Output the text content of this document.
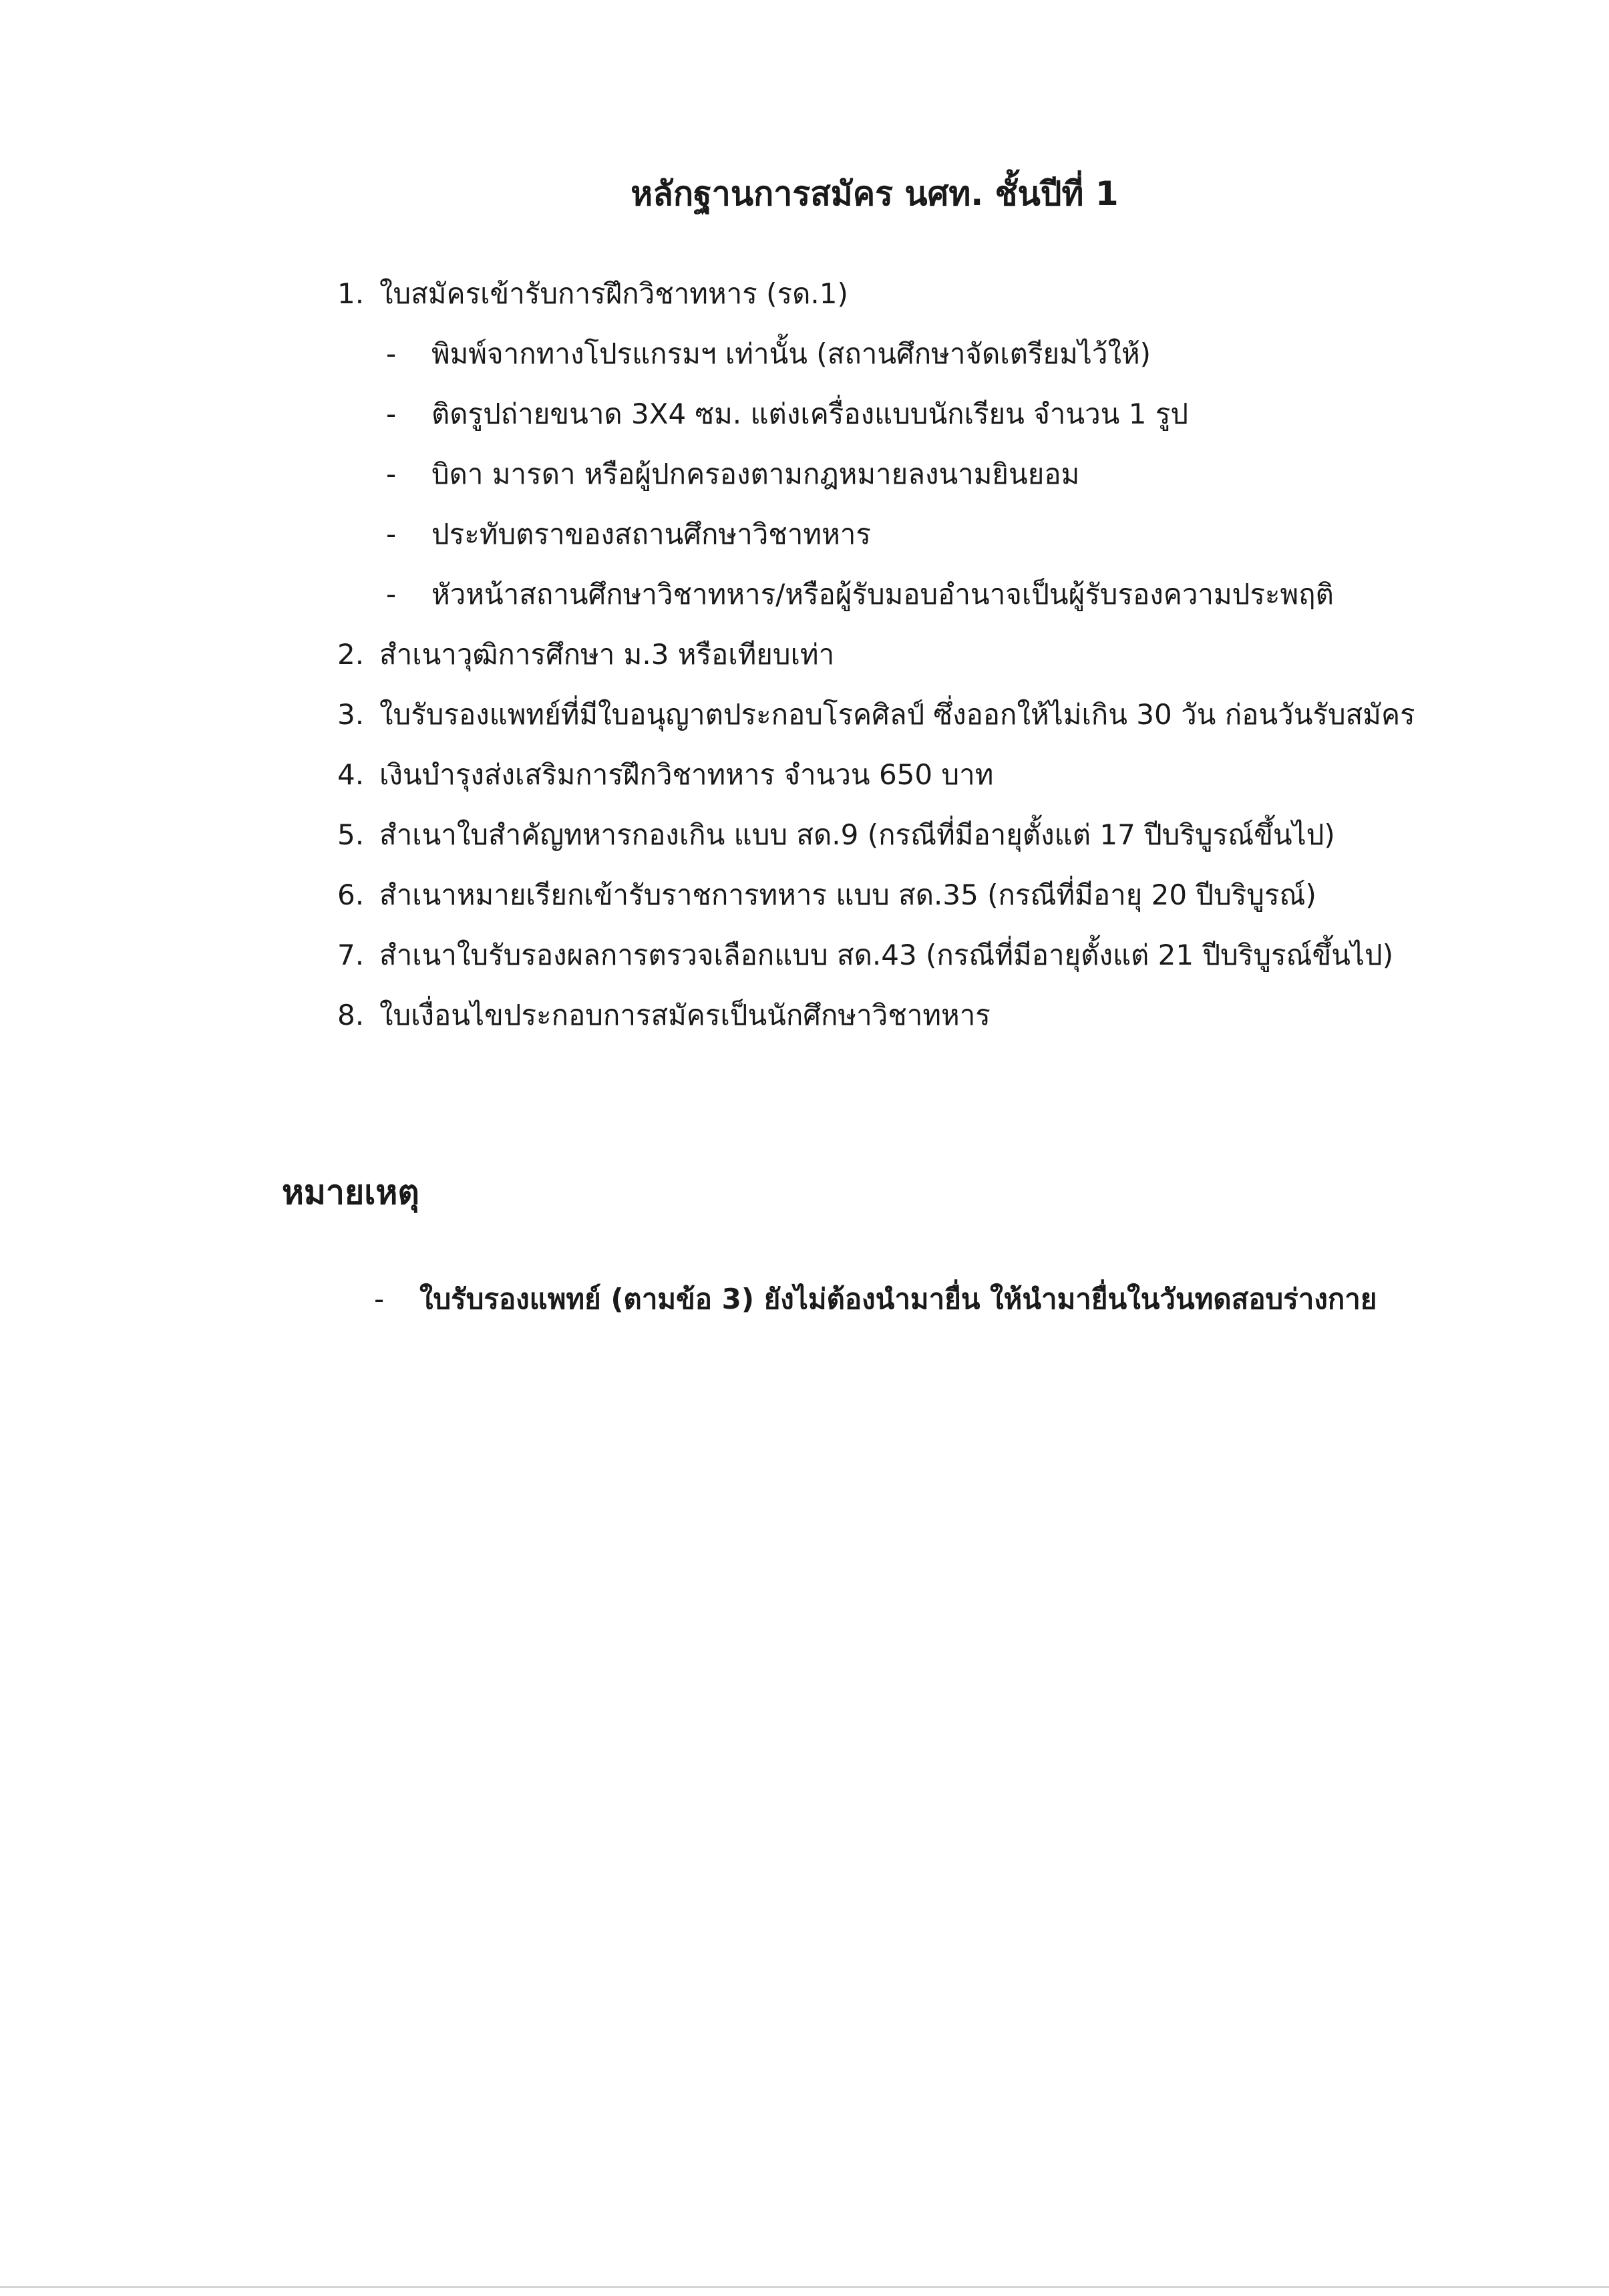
หลักฐานการสมัคร นศท. ชั้นปีที่ 1
1. ใบสมัครเข้ารับการฝึกวิชาทหาร (รด.1)
- พิมพ์จากทางโปรแกรมฯ เท่านั้น (สถานศึกษาจัดเตรียมไว้ให้)
- ติดรูปถ่ายขนาด 3X4 ซม. แต่งเครื่องแบบนักเรียน จำนวน 1 รูป
- บิดา มารดา หรือผู้ปกครองตามกฎหมายลงนามยินยอม
- ประทับตราของสถานศึกษาวิชาทหาร
- หัวหน้าสถานศึกษาวิชาทหาร/หรือผู้รับมอบอำนาจเป็นผู้รับรองความประพฤติ
2. สำเนาวุฒิการศึกษา ม.3 หรือเทียบเท่า
3. ใบรับรองแพทย์ที่มีใบอนุญาตประกอบโรคศิลป์ ซึ่งออกให้ไม่เกิน 30 วัน ก่อนวันรับสมัคร
4. เงินบำรุงส่งเสริมการฝึกวิชาทหาร จำนวน 650 บาท
5. สำเนาใบสำคัญทหารกองเกิน แบบ สด.9 (กรณีที่มีอายุตั้งแต่ 17 ปีบริบูรณ์ขึ้นไป)
6. สำเนาหมายเรียกเข้ารับราชการทหาร แบบ สด.35 (กรณีที่มีอายุ 20 ปีบริบูรณ์)
7. สำเนาใบรับรองผลการตรวจเลือกแบบ สด.43 (กรณีที่มีอายุตั้งแต่ 21 ปีบริบูรณ์ขึ้นไป)
8. ใบเงื่อนไขประกอบการสมัครเป็นนักศึกษาวิชาทหาร
หมายเหตุ
- ใบรับรองแพทย์ (ตามข้อ 3) ยังไม่ต้องนำมายื่น ให้นำมายื่นในวันทดสอบร่างกาย
